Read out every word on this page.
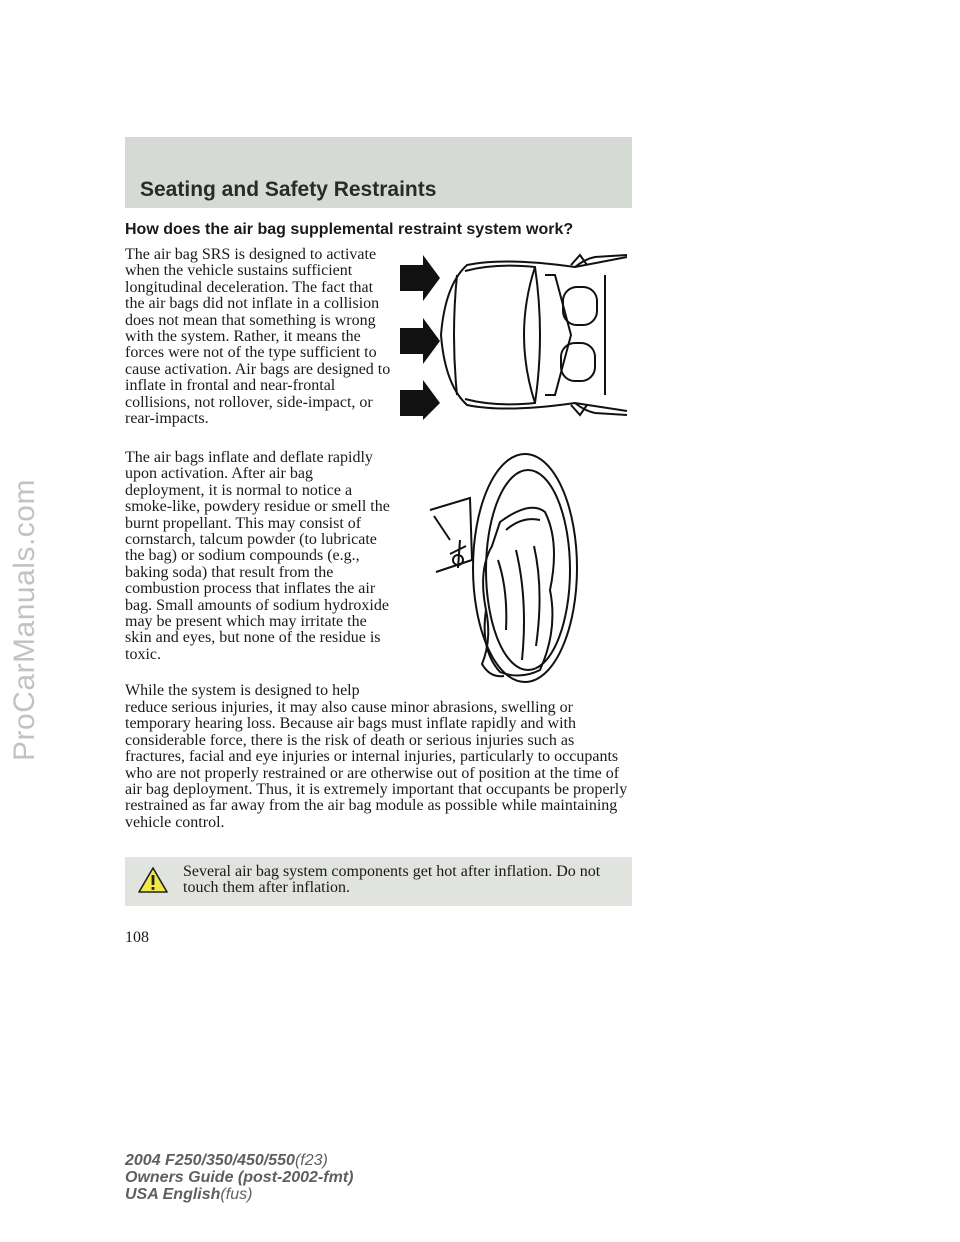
ProCarManuals.com
Seating and Safety Restraints
How does the air bag supplemental restraint system work?

The air bag SRS is designed to activate when the vehicle sustains sufficient longitudinal deceleration. The fact that the air bags did not inflate in a collision does not mean that something is wrong with the system. Rather, it means the forces were not of the type sufficient to cause activation. Air bags are designed to inflate in frontal and near-frontal collisions, not rollover, side-impact, or rear-impacts.

The air bags inflate and deflate rapidly upon activation. After air bag deployment, it is normal to notice a smoke-like, powdery residue or smell the burnt propellant. This may consist of cornstarch, talcum powder (to lubricate the bag) or sodium compounds (e.g., baking soda) that result from the combustion process that inflates the air bag. Small amounts of sodium hydroxide may be present which may irritate the skin and eyes, but none of the residue is toxic.

While the system is designed to help

reduce serious injuries, it may also cause minor abrasions, swelling or temporary hearing loss. Because air bags must inflate rapidly and with considerable force, there is the risk of death or serious injuries such as fractures, facial and eye injuries or internal injuries, particularly to occupants who are not properly restrained or are otherwise out of position at the time of air bag deployment. Thus, it is extremely important that occupants be properly restrained as far away from the air bag module as possible while maintaining vehicle control.

Several air bag system components get hot after inflation. Do not touch them after inflation.

108
2004 F250/350/450/550(f23)
Owners Guide (post-2002-fmt)
USA English(fus)
